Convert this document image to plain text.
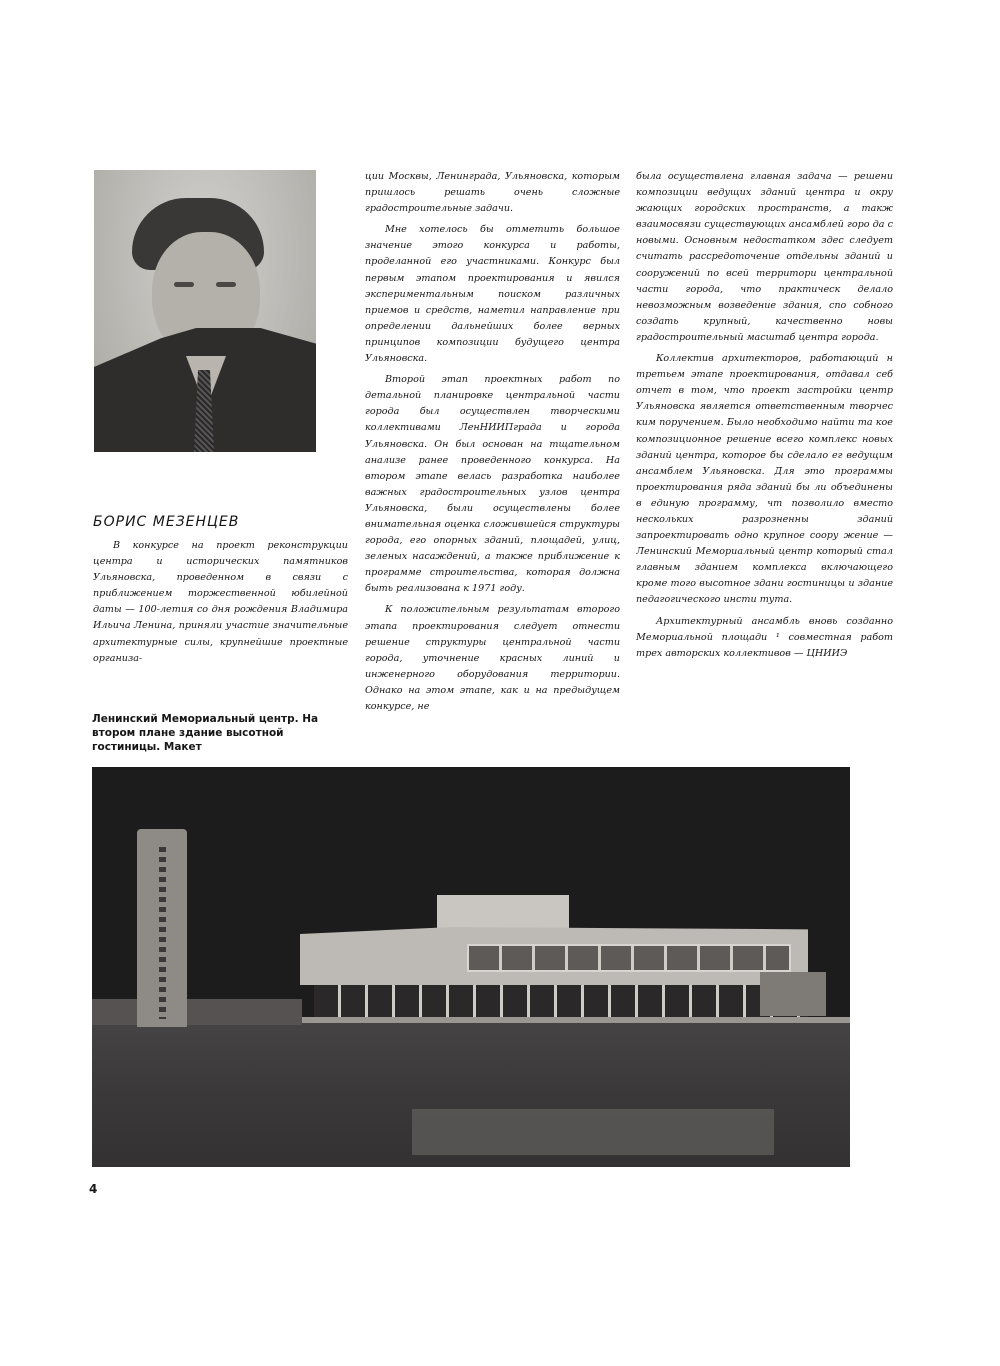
БОРИС МЕЗЕНЦЕВ

В конкурсе на проект реконструкции центра и исторических памятников Ульяновска, проведенном в связи с приближением торжественной юбилейной даты — 100-летия со дня рождения Владимира Ильича Ленина, приняли участие значительные архитектурные силы, крупнейшие проектные организа-

ции Москвы, Ленинграда, Ульяновска, которым пришлось решать очень сложные градостроительные задачи.

Мне хотелось бы отметить большое значение этого конкурса и работы, проделанной его участниками. Конкурс был первым этапом проектирования и явился экспериментальным поиском различных приемов и средств, наметил направление при определении дальнейших более верных принципов композиции будущего центра Ульяновска.

Второй этап проектных работ по детальной планировке центральной части города был осуществлен творческими коллективами ЛенНИИПграда и города Ульяновска. Он был основан на тщательном анализе ранее проведенного конкурса. На втором этапе велась разработка наиболее важных градостроительных узлов центра Ульяновска, были осуществлены более внимательная оценка сложившейся структуры города, его опорных зданий, площадей, улиц, зеленых насаждений, а также приближение к программе строительства, которая должна быть реализована к 1971 году.

К положительным результатам второго этапа проектирования следует отнести решение структуры центральной части города, уточнение красных линий и инженерного оборудования территории. Однако на этом этапе, как и на предыдущем конкурсе, не

была осуществлена главная задача — решени композиции ведущих зданий центра и окру жающих городских пространств, а такж взаимосвязи существующих ансамблей горо да с новыми. Основным недостатком здес следует считать рассредоточение отдельны зданий и сооружений по всей территори центральной части города, что практическ делало невозможным возведение здания, спо собного создать крупный, качественно новы градостроительный масштаб центра города.

Коллектив архитекторов, работающий н третьем этапе проектирования, отдавал себ отчет в том, что проект застройки центр Ульяновска является ответственным творчес ким поручением. Было необходимо найти та кое композиционное решение всего комплекс новых зданий центра, которое бы сделало ег ведущим ансамблем Ульяновска. Для это программы проектирования ряда зданий бы ли объединены в единую программу, чт позволило вместо нескольких разрозненны зданий запроектировать одно крупное соору жение — Ленинский Мемориальный центр который стал главным зданием комплекса включающего кроме того высотное здани гостиницы и здание педагогического инсти тута.

Архитектурный ансамбль вновь созданно Мемориальной площади ¹ совместная работ трех авторских коллективов — ЦНИИЭ

Ленинский Мемориальный центр. На втором плане здание высотной гостиницы. Макет
4
